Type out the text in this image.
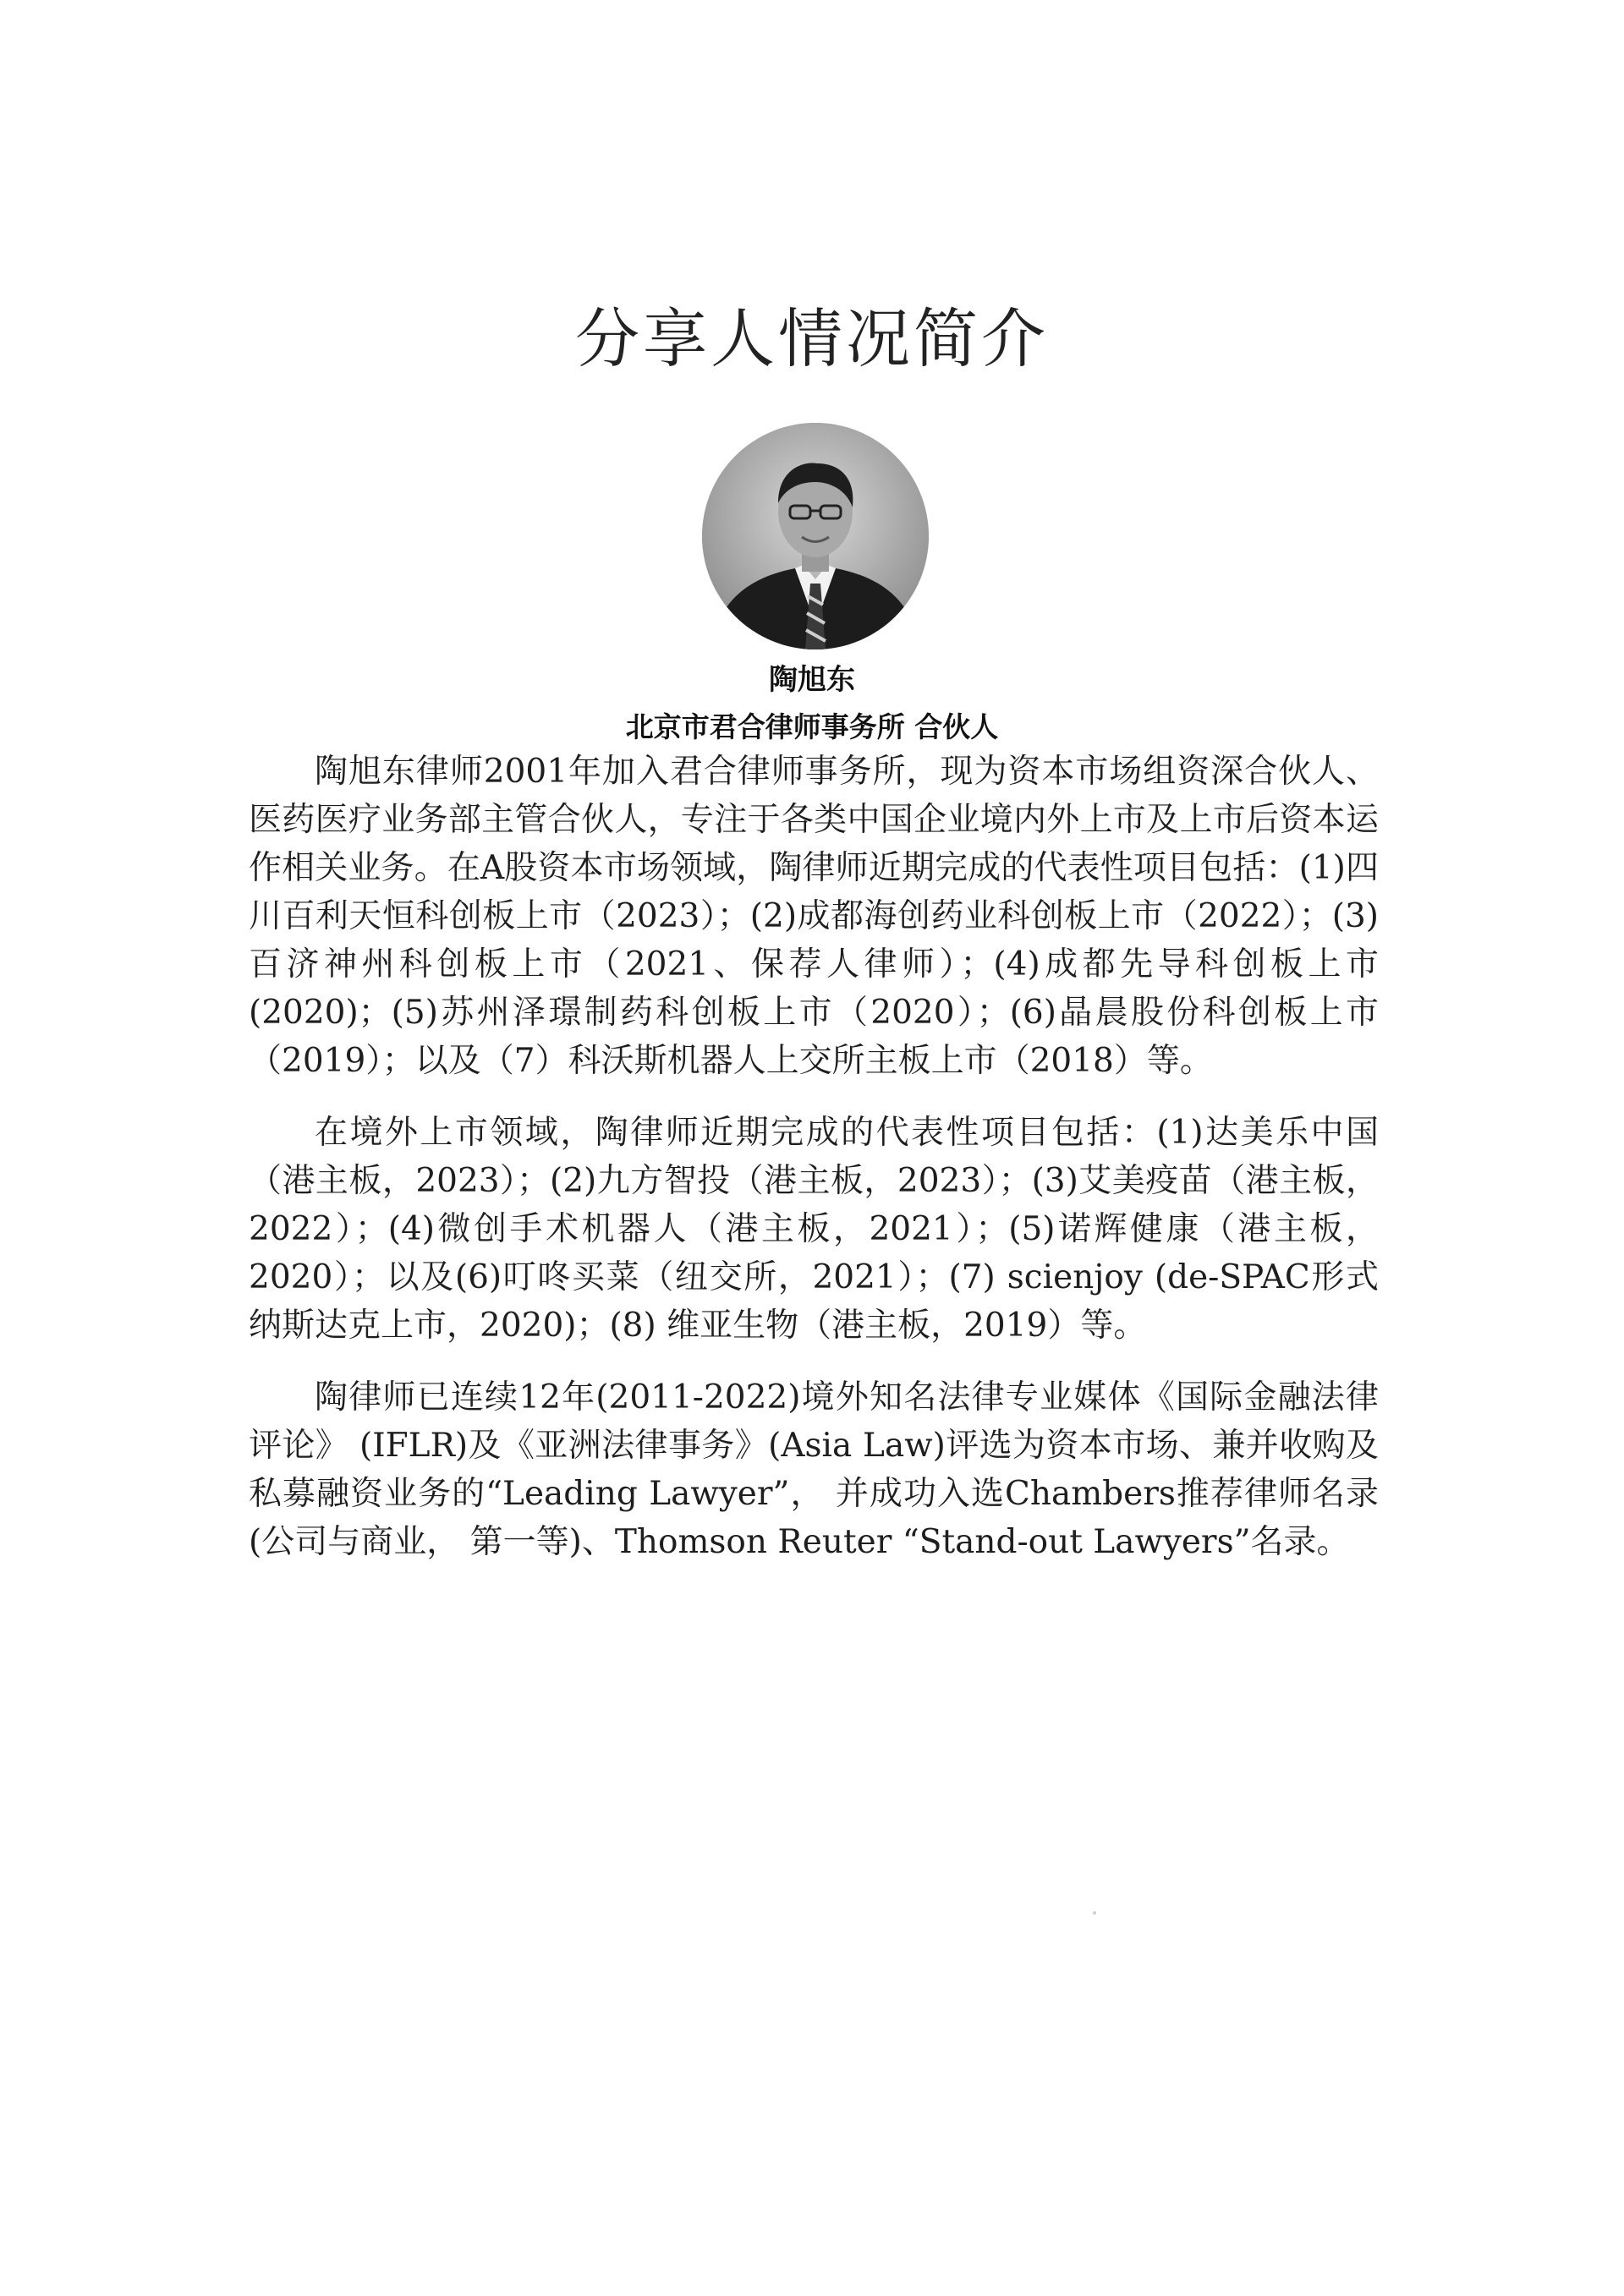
分享人情况简介
陶旭东
北京市君合律师事务所 合伙人

陶旭东律师2001年加入君合律师事务所，现为资本市场组资深合伙人、医药医疗业务部主管合伙人，专注于各类中国企业境内外上市及上市后资本运作相关业务。在A股资本市场领域，陶律师近期完成的代表性项目包括：(1)四川百利天恒科创板上市（2023）；(2)成都海创药业科创板上市（2022）；(3)百济神州科创板上市（2021、保荐人律师）；(4)成都先导科创板上市(2020)；(5)苏州泽璟制药科创板上市（2020）；(6)晶晨股份科创板上市（2019）；以及（7）科沃斯机器人上交所主板上市（2018）等。

在境外上市领域，陶律师近期完成的代表性项目包括：(1)达美乐中国（港主板，2023）；(2)九方智投（港主板，2023）；(3)艾美疫苗（港主板，2022）；(4)微创手术机器人（港主板，2021）；(5)诺辉健康（港主板，2020）；以及(6)叮咚买菜（纽交所，2021）；(7) scienjoy (de-SPAC形式纳斯达克上市，2020)；(8) 维亚生物（港主板，2019）等。

陶律师已连续12年(2011-2022)境外知名法律专业媒体《国际金融法律评论》 (IFLR)及《亚洲法律事务》(Asia Law)评选为资本市场、兼并收购及私募融资业务的“Leading Lawyer”， 并成功入选Chambers推荐律师名录(公司与商业， 第一等)、Thomson Reuter “Stand-out Lawyers”名录。
